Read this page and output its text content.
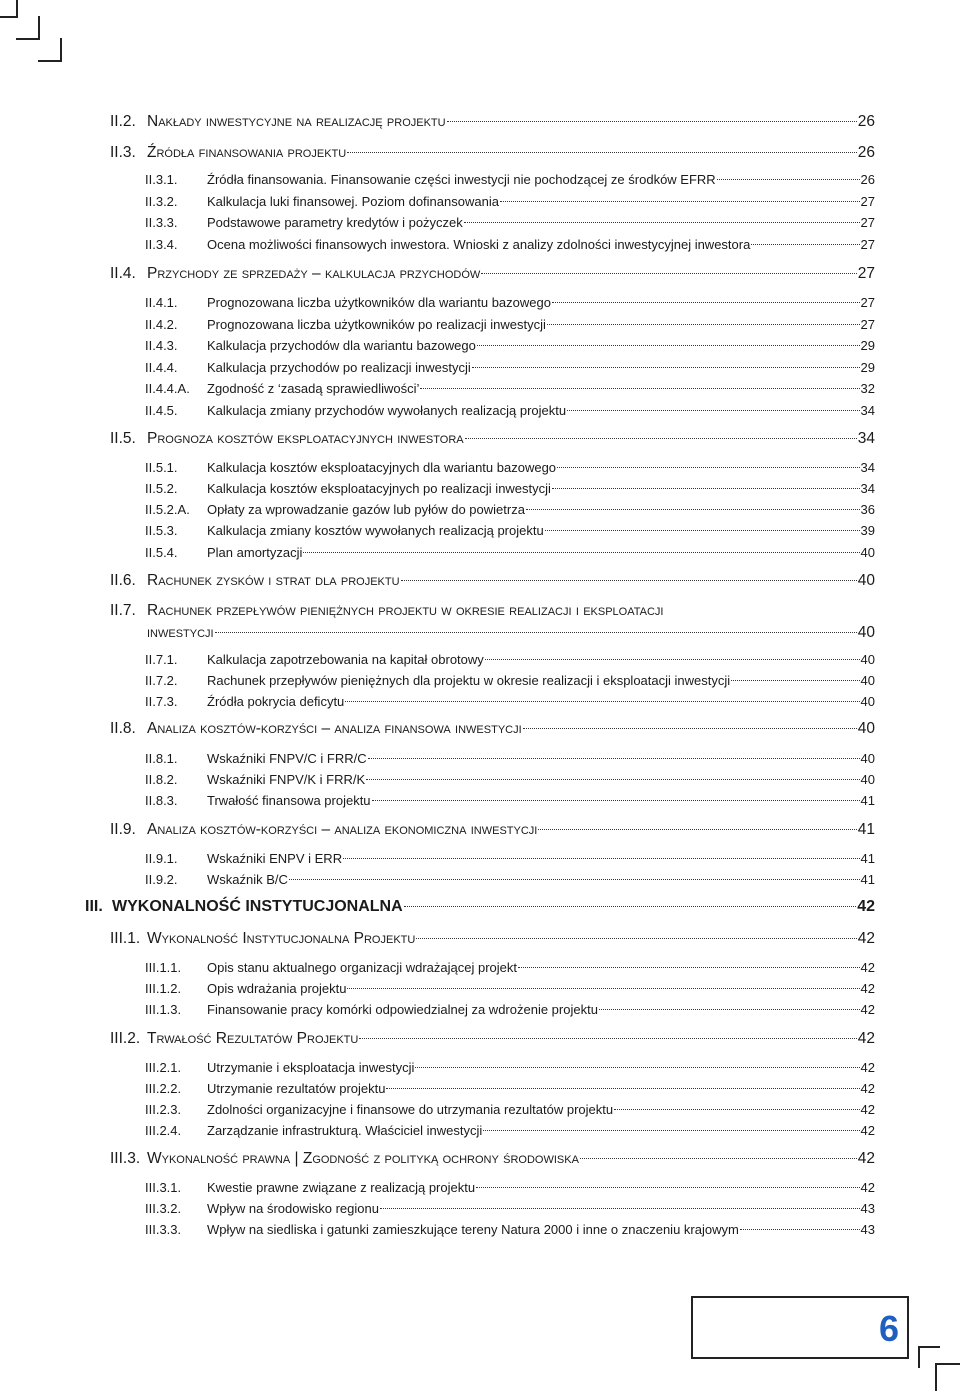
II.2. Nakłady inwestycyjne na realizację projektu	26
II.3. Źródła finansowania projektu	26
II.3.1.	Źródła finansowania. Finansowanie części inwestycji nie pochodzącej ze środków EFRR	26
II.3.2.	Kalkulacja luki finansowej. Poziom dofinansowania	27
II.3.3.	Podstawowe parametry kredytów i pożyczek	27
II.3.4.	Ocena możliwości finansowych inwestora. Wnioski z analizy zdolności inwestycyjnej inwestora	27
II.4. Przychody ze sprzedaży – kalkulacja przychodów	27
II.4.1.	Prognozowana liczba użytkowników dla wariantu bazowego	27
II.4.2.	Prognozowana liczba użytkowników po realizacji inwestycji	27
II.4.3.	Kalkulacja przychodów dla wariantu bazowego	29
II.4.4.	Kalkulacja przychodów po realizacji inwestycji	29
II.4.4.A.	Zgodność z ‘zasadą sprawiedliwości’	32
II.4.5.	Kalkulacja zmiany przychodów wywołanych realizacją projektu	34
II.5. Prognoza kosztów eksploatacyjnych inwestora	34
II.5.1.	Kalkulacja kosztów eksploatacyjnych dla wariantu bazowego	34
II.5.2.	Kalkulacja kosztów eksploatacyjnych po realizacji inwestycji	34
II.5.2.A.	Opłaty za wprowadzanie gazów lub pyłów do powietrza	36
II.5.3.	Kalkulacja zmiany kosztów wywołanych realizacją projektu	39
II.5.4.	Plan amortyzacji	40
II.6. Rachunek zysków i strat dla projektu	40
II.7. Rachunek przepływów pieniężnych projektu w okresie realizacji i eksploatacji
inwestycji	40
II.7.1.	Kalkulacja zapotrzebowania na kapitał obrotowy	40
II.7.2.	Rachunek przepływów pieniężnych dla projektu w okresie realizacji i eksploatacji inwestycji	40
II.7.3.	Źródła pokrycia deficytu	40
II.8. Analiza kosztów-korzyści – analiza finansowa inwestycji	40
II.8.1.	Wskaźniki FNPV/C i FRR/C	40
II.8.2.	Wskaźniki FNPV/K i FRR/K	40
II.8.3.	Trwałość finansowa projektu	41
II.9. Analiza kosztów-korzyści – analiza ekonomiczna inwestycji	41
II.9.1.	Wskaźniki ENPV i ERR	41
II.9.2.	Wskaźnik B/C	41
III. WYKONALNOŚĆ INSTYTUCJONALNA	42
III.1. Wykonalność Instytucjonalna Projektu	42
III.1.1.	Opis stanu aktualnego organizacji wdrażającej projekt	42
III.1.2.	Opis wdrażania projektu	42
III.1.3.	Finansowanie pracy komórki odpowiedzialnej za wdrożenie projektu	42
III.2. Trwałość Rezultatów Projektu	42
III.2.1.	Utrzymanie i eksploatacja inwestycji	42
III.2.2.	Utrzymanie rezultatów projektu	42
III.2.3.	Zdolności organizacyjne i finansowe do utrzymania rezultatów projektu	42
III.2.4.	Zarządzanie infrastrukturą. Właściciel inwestycji	42
III.3. Wykonalność prawna | Zgodność z polityką ochrony środowiska	42
III.3.1.	Kwestie prawne związane z realizacją projektu	42
III.3.2.	Wpływ na środowisko regionu	43
III.3.3.	Wpływ na siedliska i gatunki zamieszkujące tereny Natura 2000 i inne o znaczeniu krajowym	43
6
